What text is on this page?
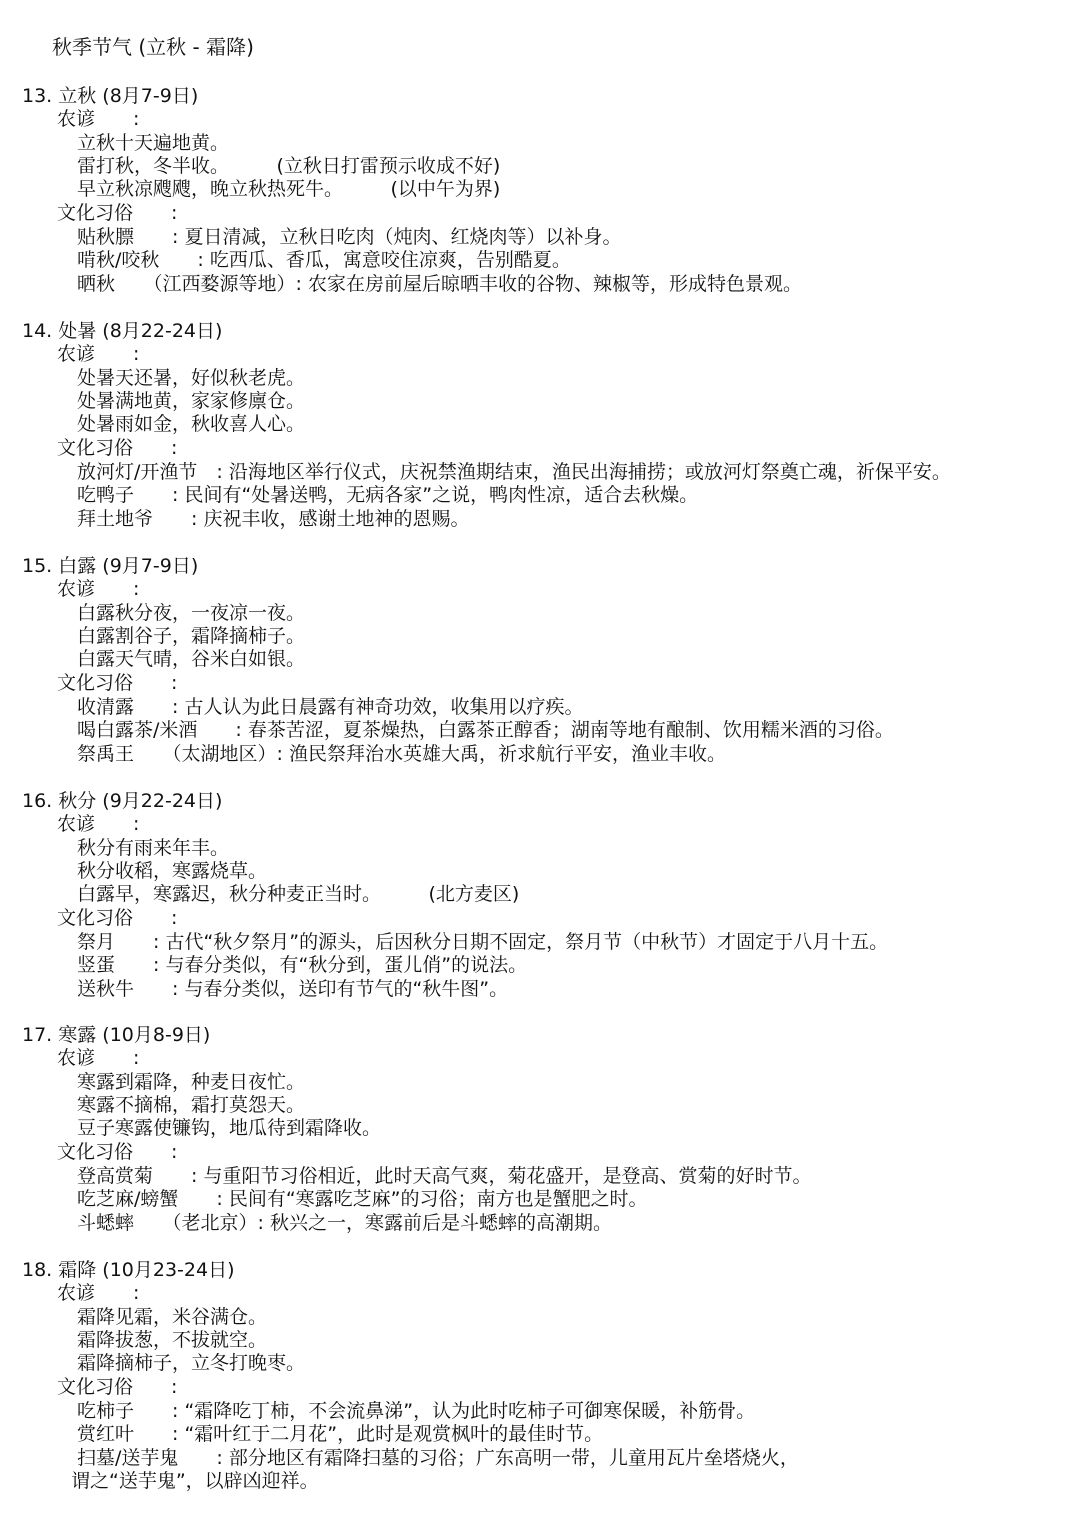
秋季节气 (立秋 - 霜降)
13. 立秋 (8月7-9日)
农谚　　:
立秋十天遍地黄。
雷打秋，冬半收。　　　(立秋日打雷预示收成不好)
早立秋凉飕飕，晚立秋热死牛。　　　(以中午为界)
文化习俗　　:
贴秋膘　　: 夏日清减，立秋日吃肉（炖肉、红烧肉等）以补身。
啃秋/咬秋　　: 吃西瓜、香瓜，寓意咬住凉爽，告别酷夏。
晒秋　　（江西婺源等地）: 农家在房前屋后晾晒丰收的谷物、辣椒等，形成特色景观。
14. 处暑 (8月22-24日)
农谚　　:
处暑天还暑，好似秋老虎。
处暑满地黄，家家修廪仓。
处暑雨如金，秋收喜人心。
文化习俗　　:
放河灯/开渔节　: 沿海地区举行仪式，庆祝禁渔期结束，渔民出海捕捞；或放河灯祭奠亡魂，祈保平安。
吃鸭子　　: 民间有“处暑送鸭，无病各家”之说，鸭肉性凉，适合去秋燥。
拜土地爷　　: 庆祝丰收，感谢土地神的恩赐。
15. 白露 (9月7-9日)
农谚　　:
白露秋分夜，一夜凉一夜。
白露割谷子，霜降摘柿子。
白露天气晴，谷米白如银。
文化习俗　　:
收清露　　: 古人认为此日晨露有神奇功效，收集用以疗疾。
喝白露茶/米酒　　: 春茶苦涩，夏茶燥热，白露茶正醇香；湖南等地有酿制、饮用糯米酒的习俗。
祭禹王　　（太湖地区）: 渔民祭拜治水英雄大禹，祈求航行平安，渔业丰收。
16. 秋分 (9月22-24日)
农谚　　:
秋分有雨来年丰。
秋分收稻，寒露烧草。
白露早，寒露迟，秋分种麦正当时。　　　(北方麦区)
文化习俗　　:
祭月　　: 古代“秋夕祭月”的源头，后因秋分日期不固定，祭月节（中秋节）才固定于八月十五。
竖蛋　　: 与春分类似，有“秋分到，蛋儿俏”的说法。
送秋牛　　: 与春分类似，送印有节气的“秋牛图”。
17. 寒露 (10月8-9日)
农谚　　:
寒露到霜降，种麦日夜忙。
寒露不摘棉，霜打莫怨天。
豆子寒露使镰钩，地瓜待到霜降收。
文化习俗　　:
登高赏菊　　: 与重阳节习俗相近，此时天高气爽，菊花盛开，是登高、赏菊的好时节。
吃芝麻/螃蟹　　: 民间有“寒露吃芝麻”的习俗；南方也是蟹肥之时。
斗蟋蟀　　（老北京）: 秋兴之一，寒露前后是斗蟋蟀的高潮期。
18. 霜降 (10月23-24日)
农谚　　:
霜降见霜，米谷满仓。
霜降拔葱，不拔就空。
霜降摘柿子，立冬打晚枣。
文化习俗　　:
吃柿子　　: “霜降吃丁柿，不会流鼻涕”，认为此时吃柿子可御寒保暖，补筋骨。
赏红叶　　: “霜叶红于二月花”，此时是观赏枫叶的最佳时节。
扫墓/送芋鬼　　: 部分地区有霜降扫墓的习俗；广东高明一带，儿童用瓦片垒塔烧火，
谓之“送芋鬼”，以辟凶迎祥。
